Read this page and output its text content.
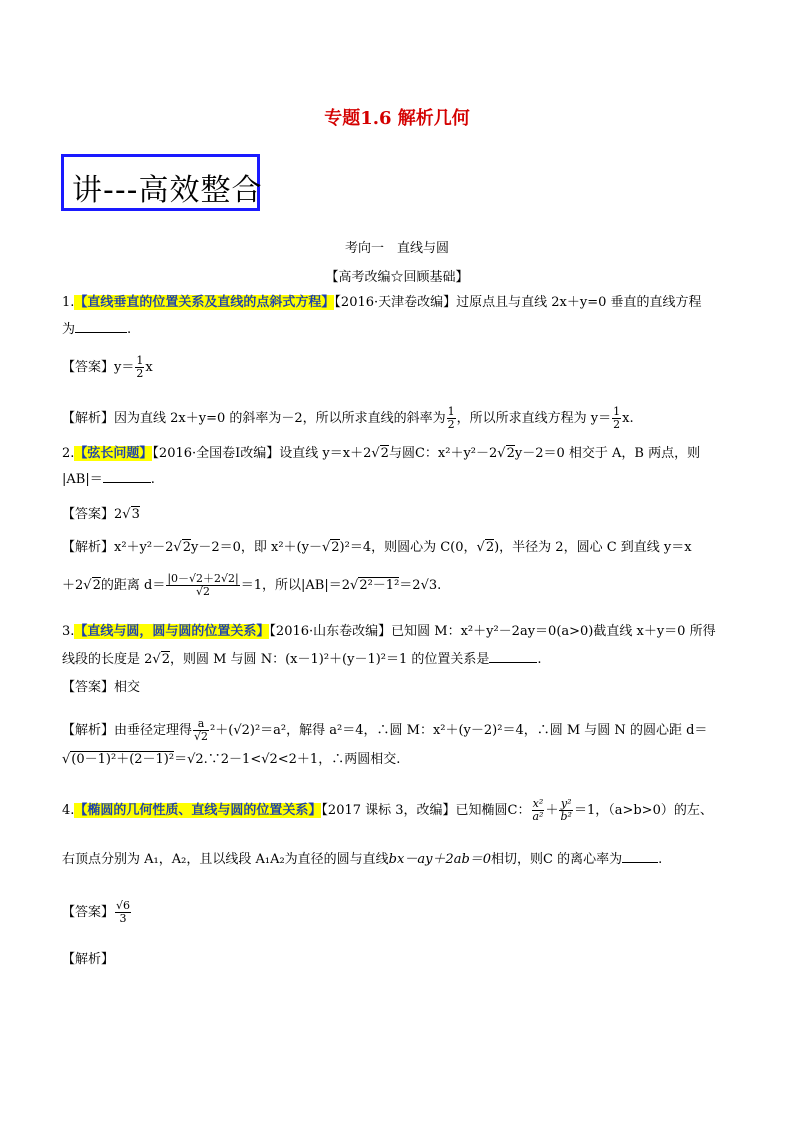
专题1.6 解析几何
讲---高效整合
考向一　直线与圆
【高考改编☆回顾基础】
1.【直线垂直的位置关系及直线的点斜式方程】【2016·天津卷改编】过原点且与直线 2x＋y=0 垂直的直线方程
为	.
【答案】$y= \frac{1}{2}$ x
【解析】因为直线 2x＋y=0 的斜率为－2，所以所求直线的斜率为 $\frac{1}{2}$ ，所以所求直线方程为 $y= \frac{1}{2} x$.
2.【弦长问题】【2016·全国卷Ⅰ改编】设直线 y＝x＋2√2与圆C：x²＋y²－2√2y－2＝0 相交于 A，B 两点，则
|AB|＝	.
【答案】2√3
【解析】x²＋y²－2√2y－2＝0，即 x²＋(y－√2)²＝4，则圆心为 C(0，√2)，半径为 2，圆心 C 到直线 y＝x
＋2√2的距离 $d= \frac{|0-√2+2√2|}{√2} =1$，所以|AB|＝2√2²－1²＝2√3.
3.【直线与圆，圆与圆的位置关系】【2016·山东卷改编】已知圆 M：x²＋y²－2ay＝0(a>0)截直线 x＋y＝0 所得
线段的长度是 2√2，则圆 M 与圆 N：(x－1)²＋(y－1)²＝1 的位置关系是	.
【答案】相交
【解析】由垂径定理得 $\frac{a}{√2} ^2+(√2)^2=a^2$，解得 a²＝4，∴圆 M：x²＋(y－2)²＝4，∴圆 M 与圆 N 的圆心距 d＝
√(0－1)²＋(2－1)²＝√2.∵2－1<√2<2＋1，∴两圆相交.
4.【椭圆的几何性质、直线与圆的位置关系】【2017 课标 3，改编】已知椭圆C： $\frac{\text{x²}}{\text{a²}} + \frac{\text{y²}}{\text{b²}} =1$，（a>b>0）的左、
右顶点分别为 A₁，A₂，且以线段 A₁A₂为直径的圆与直线bx－ay＋2ab＝0相切，则C 的离心率为	.
【答案】 $\frac{√6}{3}$
【解析】
